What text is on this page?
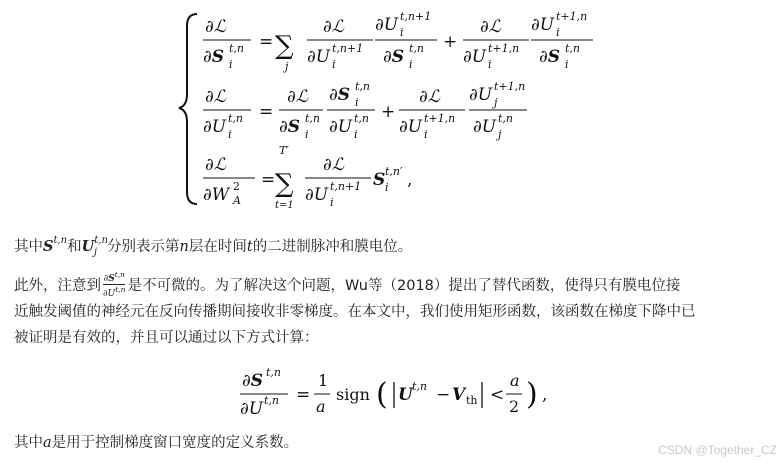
∂ℒ
∂S t,n
i
= ∑
j
∂ℒ
∂U t,n+1
i
∂U t,n+1
i
∂S t,n
i
+
∂ℒ
∂U t+1,n
i
∂U t+1,n
i
∂S t,n
i
∂ℒ
∂U t,n
i
=
∂ℒ
∂S t,n
i
∂S t,n
i
∂U t,n
i
+
∂ℒ
∂U t+1,n
i
∂U t+1,n
j
∂U t,n
j
∂ℒ
∂W 2
A
=
T′
∑
t=1
∂ℒ
∂U t,n+1
i
S t,n′
i ,
其中S$^{t,n}$和U$^{t,n}_j$ 分别表示第n层在时间t的二进制脉冲和膜电位。
此外，注意到 $\frac{\partial S^{t,n}}{\partial U^{t,n}}$ 是不可微的。为了解决这个问题，Wu等（2018）提出了替代函数，使得只有膜电位接
近触发阈值的神经元在反向传播期间接收非零梯度。在本文中，我们使用矩形函数，该函数在梯度下降中已
被证明是有效的，并且可以通过以下方式计算：
∂S t,n
∂U t,n =
1
a
sign ( U t,n − V th <
a
2 ) ,
其中a是用于控制梯度窗口宽度的定义系数。	CSDN @Together_CZ
